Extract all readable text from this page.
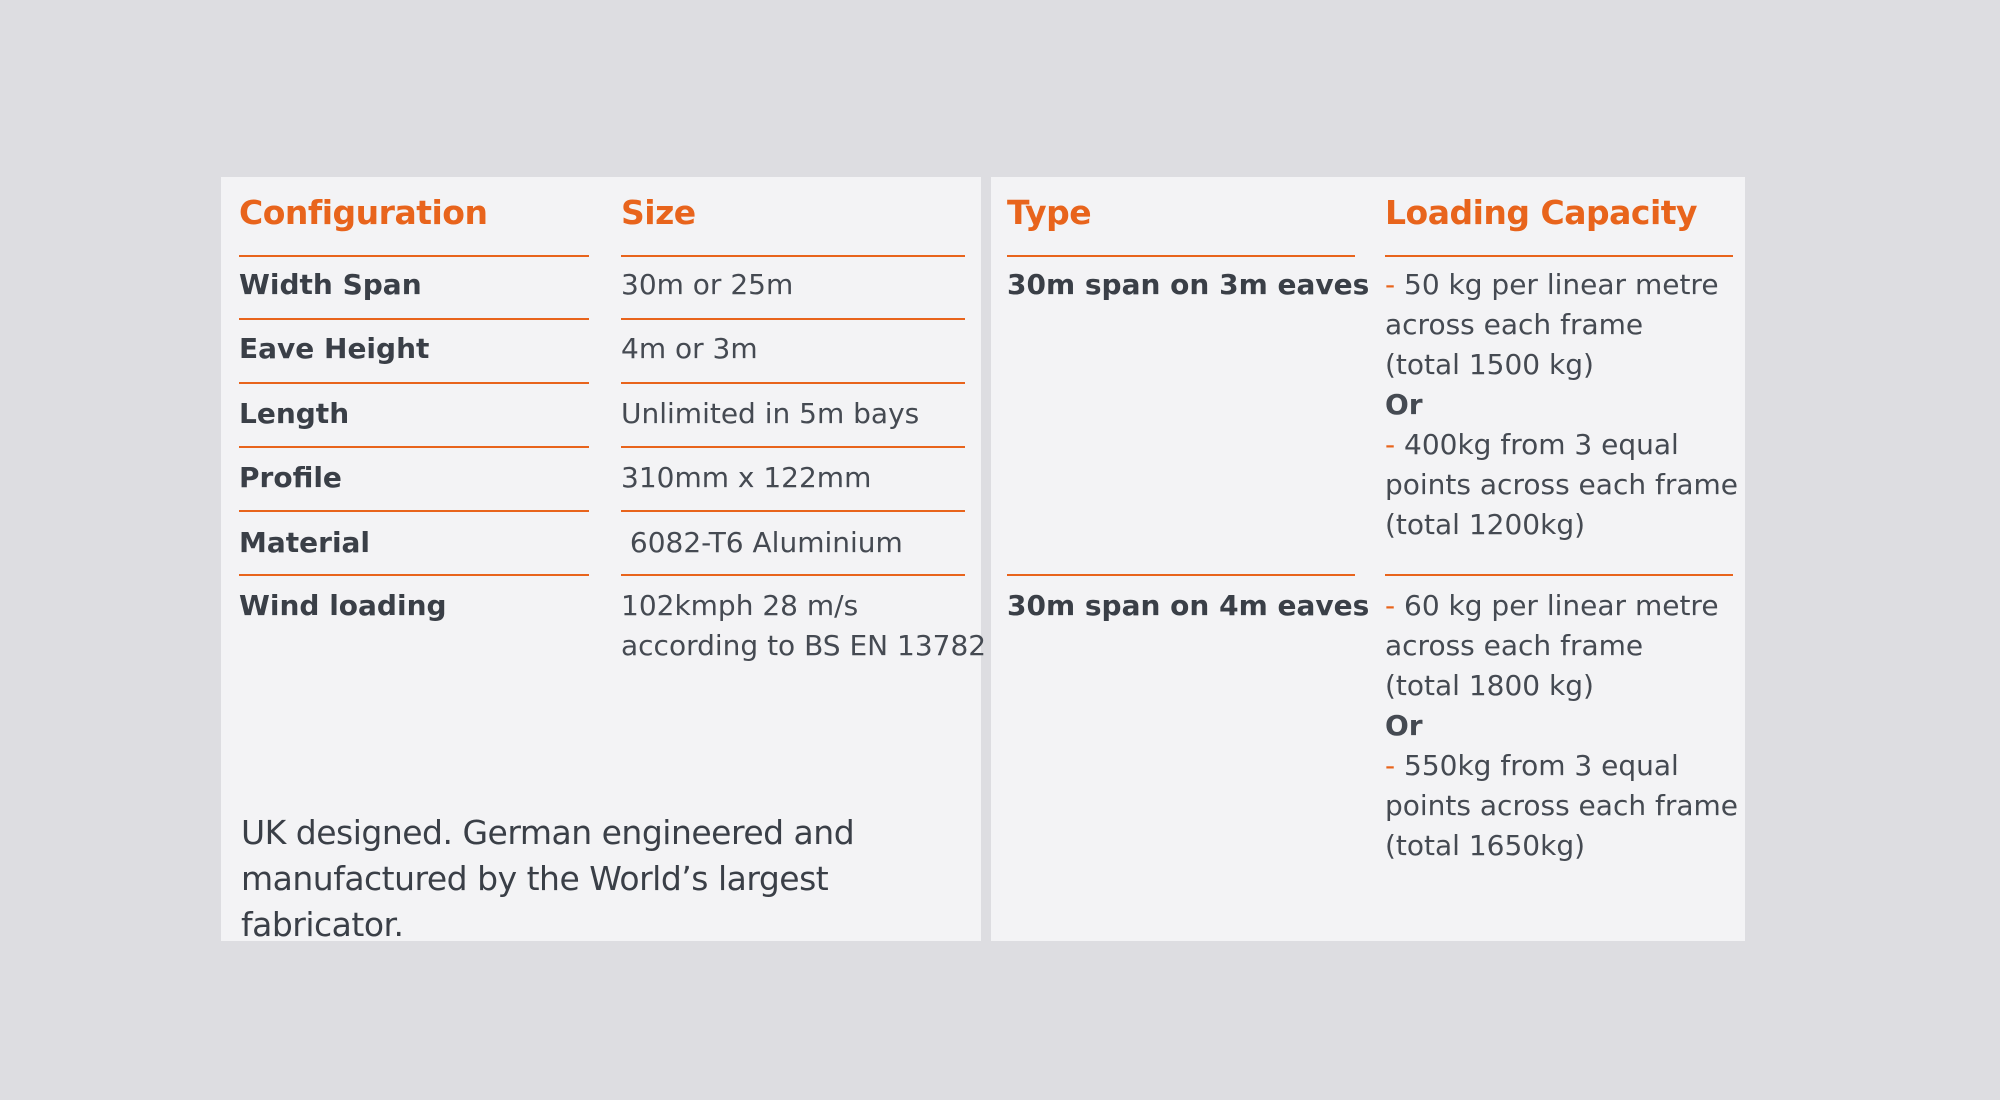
Configuration	Size
Width Span	30m or 25m
Eave Height	4m or 3m
Length	Unlimited in 5m bays
Profile	310mm x 122mm
Material	6082-T6 Aluminium
Wind loading	102kmph 28 m/s
according to BS EN 13782
UK designed. German engineered and
manufactured by the World’s largest fabricator.
Type	Loading Capacity
30m span on 3m eaves - 50 kg per linear metre
across each frame
(total 1500 kg)
Or
- 400kg from 3 equal
points across each frame
(total 1200kg)
30m span on 4m eaves - 60 kg per linear metre
across each frame
(total 1800 kg)
Or
- 550kg from 3 equal
points across each frame
(total 1650kg)
